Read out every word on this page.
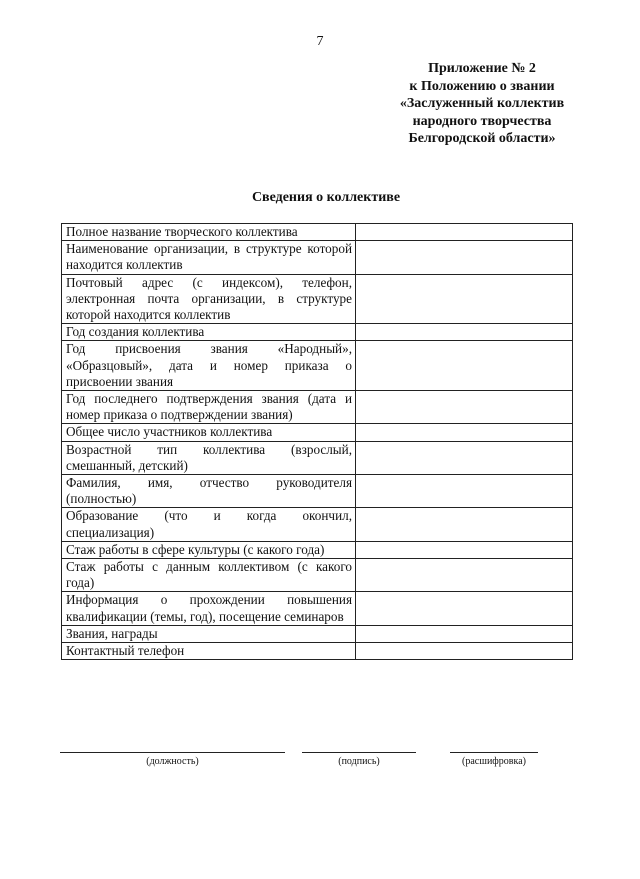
7
Приложение № 2
к Положению о звании
«Заслуженный коллектив
народного творчества
Белгородской области»
Сведения о коллективе
Полное название творческого коллектива	
Наименование организации, в структуре которой находится коллектив	
Почтовый адрес (с индексом), телефон, электронная почта организации, в структуре которой находится коллектив	
Год создания коллектива	
Год присвоения звания «Народный», «Образцовый», дата и номер приказа о присвоении звания	
Год последнего подтверждения звания (дата и номер приказа о подтверждении звания)	
Общее число участников коллектива	
Возрастной тип коллектива (взрослый, смешанный, детский)	
Фамилия, имя, отчество руководителя (полностью)	
Образование (что и когда окончил, специализация)	
Стаж работы в сфере культуры (с какого года)	
Стаж работы с данным коллективом (с какого года)	
Информация о прохождении повышения квалификации (темы, год), посещение семинаров	
Звания, награды	
Контактный телефон	
(должность)	(подпись)	(расшифровка)
